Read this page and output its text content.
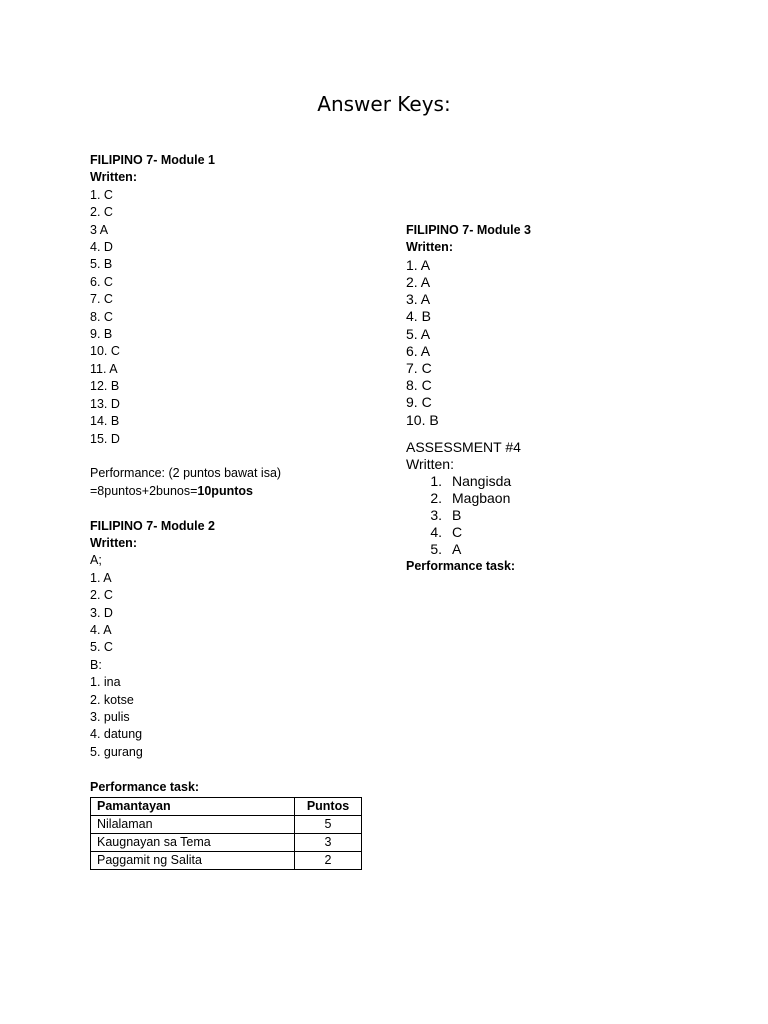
Answer Keys:
FILIPINO 7- Module 1
Written:
1. C
2. C
3 A
4. D
5. B
6. C
7. C
8. C
9. B
10. C
11. A
12. B
13. D
14. B
15. D
Performance: (2 puntos bawat isa)
=8puntos+2bunos=10puntos
FILIPINO 7- Module 2
Written:
A;
1. A
2. C
3. D
4. A
5. C
B:
1. ina
2. kotse
3. pulis
4. datung
5. gurang
Performance task:
Pamantayan	Puntos
Nilalaman	5
Kaugnayan sa Tema	3
Paggamit ng Salita	2
FILIPINO 7- Module 3
Written:
1. A
2. A
3. A
4. B
5. A
6. A
7. C
8. C
9. C
10. B
ASSESSMENT #4
Written:
1. Nangisda
2. Magbaon
3. B
4. C
5. A
Performance task:
